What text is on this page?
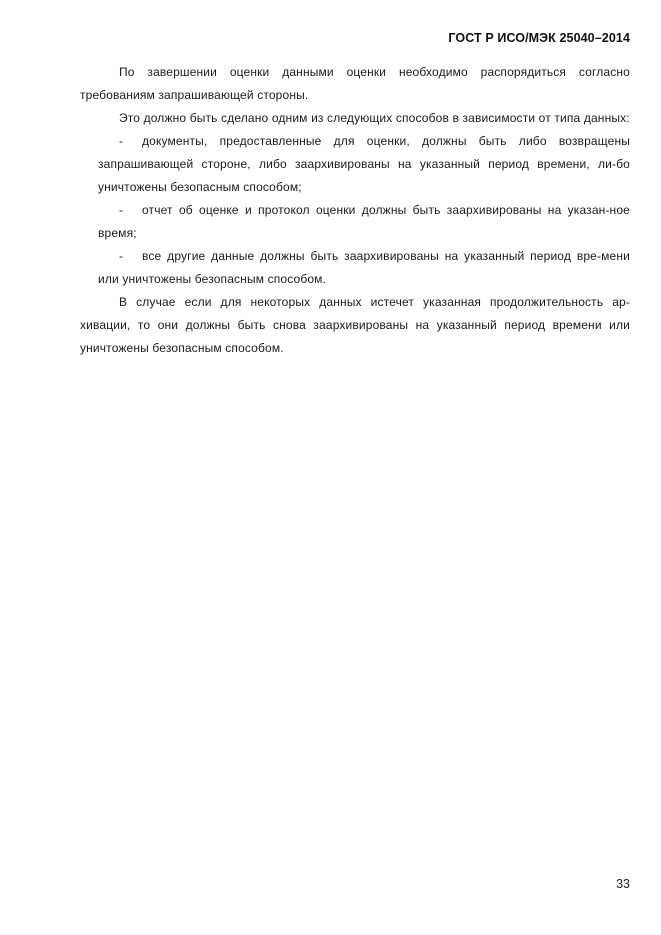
ГОСТ Р ИСО/МЭК 25040–2014

По завершении оценки данными оценки необходимо распорядиться согласно требованиям запрашивающей стороны.

Это должно быть сделано одним из следующих способов в зависимости от типа данных:

-	документы, предоставленные для оценки, должны быть либо возвращены запрашивающей стороне, либо заархивированы на указанный период времени, ли-бо уничтожены безопасным способом;
-	отчет об оценке и протокол оценки должны быть заархивированы на указан-ное время;
-	все другие данные должны быть заархивированы на указанный период вре-мени или уничтожены безопасным способом.

В случае если для некоторых данных истечет указанная продолжительность ар-хивации, то они должны быть снова заархивированы на указанный период времени или уничтожены безопасным способом.

33
